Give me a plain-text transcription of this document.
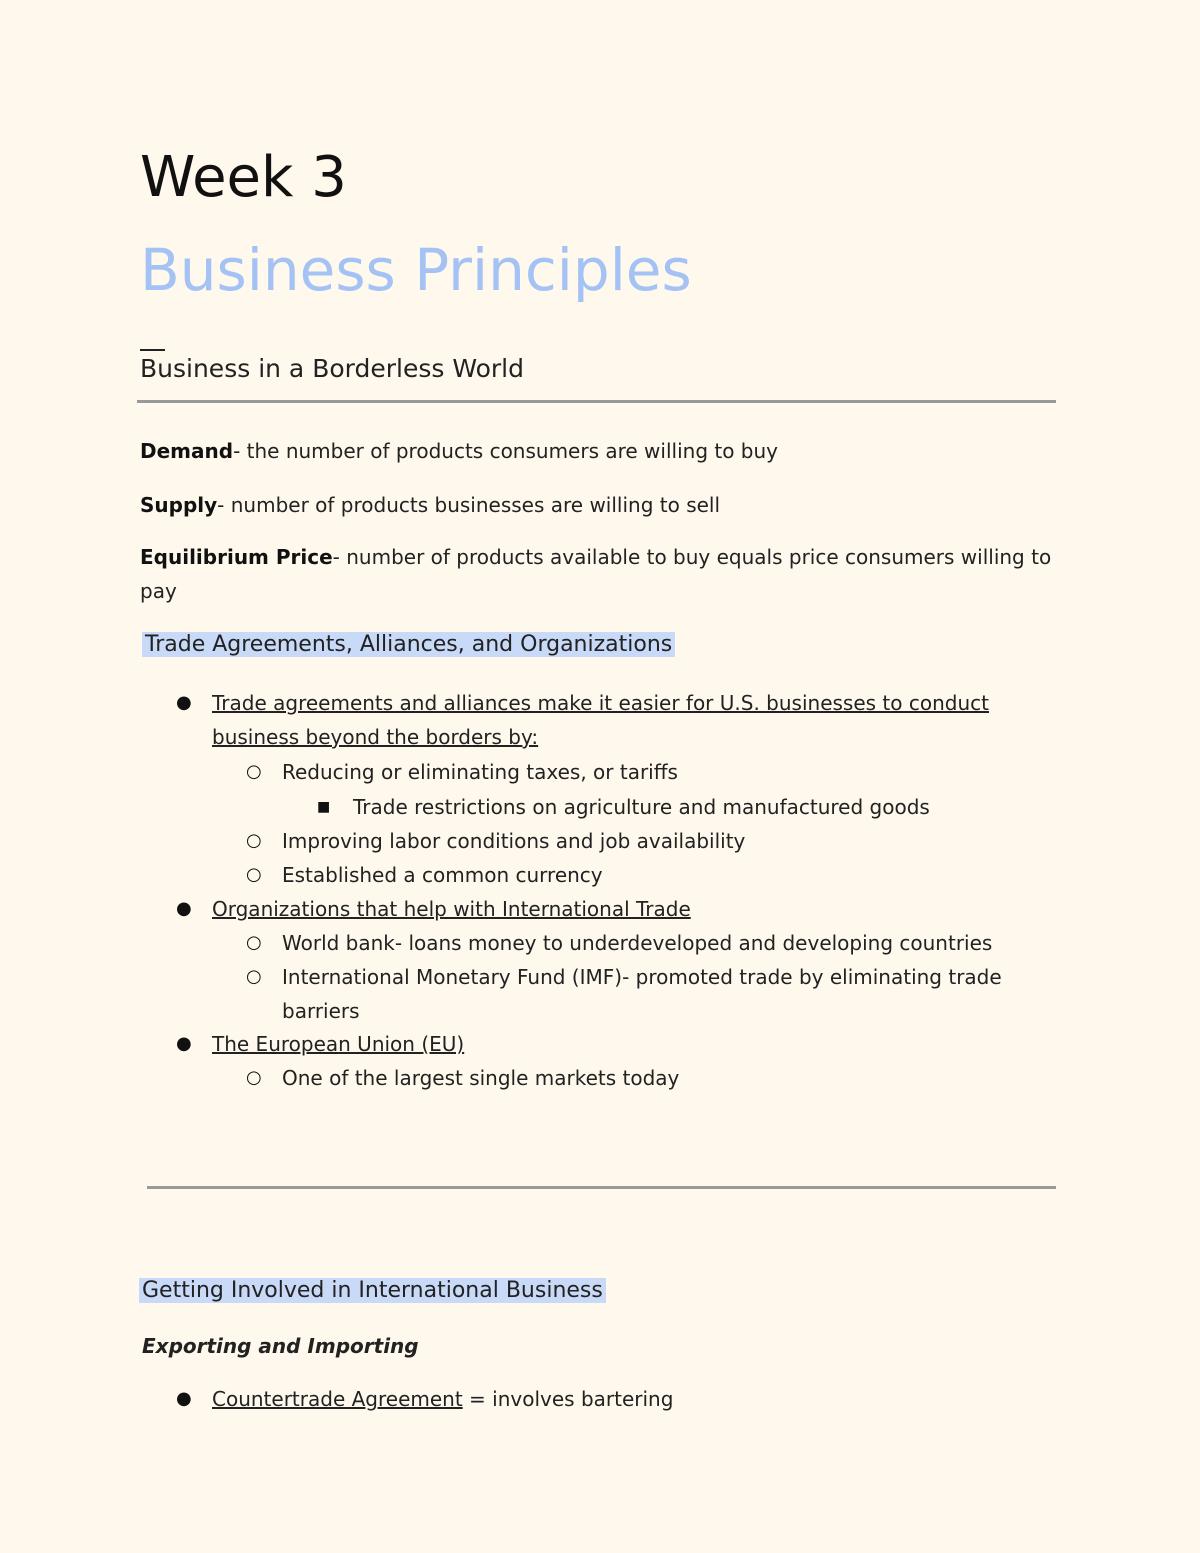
Week 3
Business Principles
Business in a Borderless World
Demand- the number of products consumers are willing to buy
Supply- number of products businesses are willing to sell
Equilibrium Price- number of products available to buy equals price consumers willing to
pay
Trade Agreements, Alliances, and Organizations
● Trade agreements and alliances make it easier for U.S. businesses to conduct
business beyond the borders by:
○ Reducing or eliminating taxes, or tariffs
■ Trade restrictions on agriculture and manufactured goods
○ Improving labor conditions and job availability
○ Established a common currency
● Organizations that help with International Trade
○ World bank- loans money to underdeveloped and developing countries
○ International Monetary Fund (IMF)- promoted trade by eliminating trade
barriers
● The European Union (EU)
○ One of the largest single markets today
Getting Involved in International Business
Exporting and Importing
● Countertrade Agreement = involves bartering
